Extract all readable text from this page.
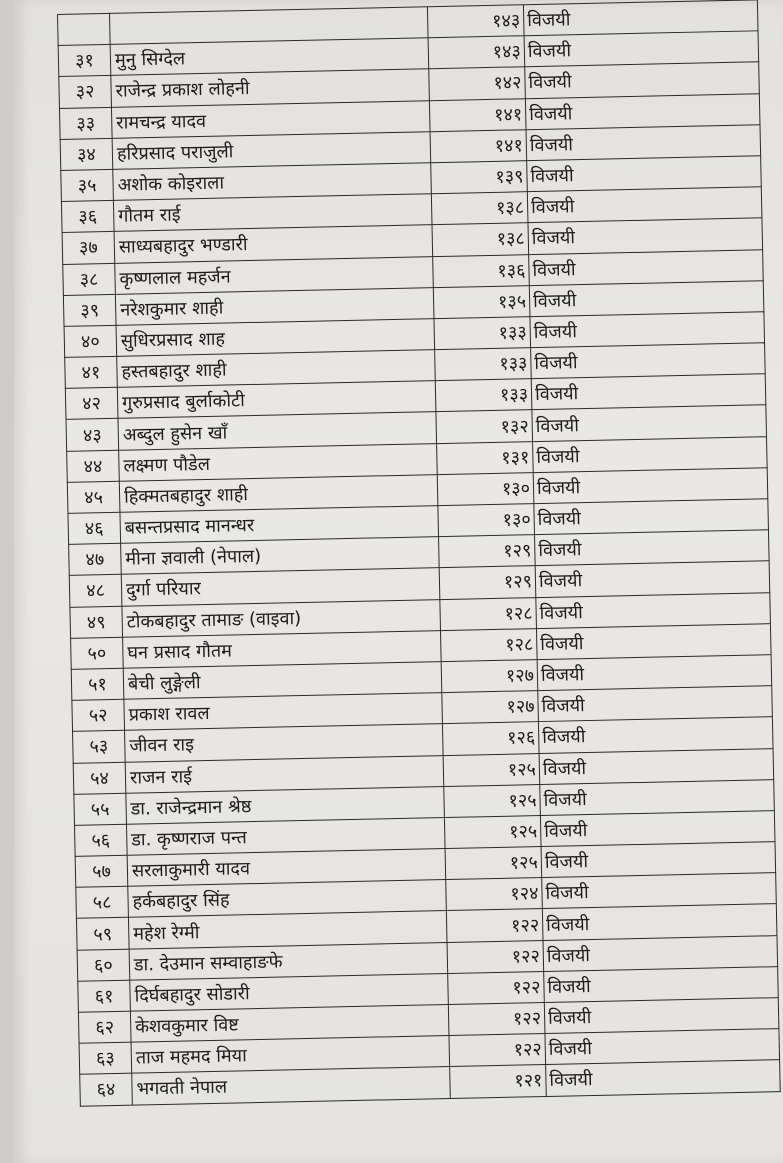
		१४३	विजयी
३१	मुनु सिग्देल	१४३	विजयी
३२	राजेन्द्र प्रकाश लोहनी	१४२	विजयी
३३	रामचन्द्र यादव	१४१	विजयी
३४	हरिप्रसाद पराजुली	१४१	विजयी
३५	अशोक कोइराला	१३९	विजयी
३६	गौतम राई	१३८	विजयी
३७	साध्यबहादुर भण्डारी	१३८	विजयी
३८	कृष्णलाल महर्जन	१३६	विजयी
३९	नरेशकुमार शाही	१३५	विजयी
४०	सुधिरप्रसाद शाह	१३३	विजयी
४१	हस्तबहादुर शाही	१३३	विजयी
४२	गुरुप्रसाद बुर्लाकोटी	१३३	विजयी
४३	अब्दुल हुसेन खाँ	१३२	विजयी
४४	लक्ष्मण पौडेल	१३१	विजयी
४५	हिक्मतबहादुर शाही	१३०	विजयी
४६	बसन्तप्रसाद मानन्धर	१३०	विजयी
४७	मीना ज्ञवाली (नेपाल)	१२९	विजयी
४८	दुर्गा परियार	१२९	विजयी
४९	टोकबहादुर तामाङ (वाइवा)	१२८	विजयी
५०	घन प्रसाद गौतम	१२८	विजयी
५१	बेची लुङ्गेली	१२७	विजयी
५२	प्रकाश रावल	१२७	विजयी
५३	जीवन राइ	१२६	विजयी
५४	राजन राई	१२५	विजयी
५५	डा. राजेन्द्रमान श्रेष्ठ	१२५	विजयी
५६	डा. कृष्णराज पन्त	१२५	विजयी
५७	सरलाकुमारी यादव	१२५	विजयी
५८	हर्कबहादुर सिंह	१२४	विजयी
५९	महेश रेग्मी	१२२	विजयी
६०	डा. देउमान सम्वाहाङफे	१२२	विजयी
६१	दिर्घबहादुर सोडारी	१२२	विजयी
६२	केशवकुमार विष्ट	१२२	विजयी
६३	ताज महमद मिया	१२२	विजयी
६४	भगवती नेपाल	१२१	विजयी
